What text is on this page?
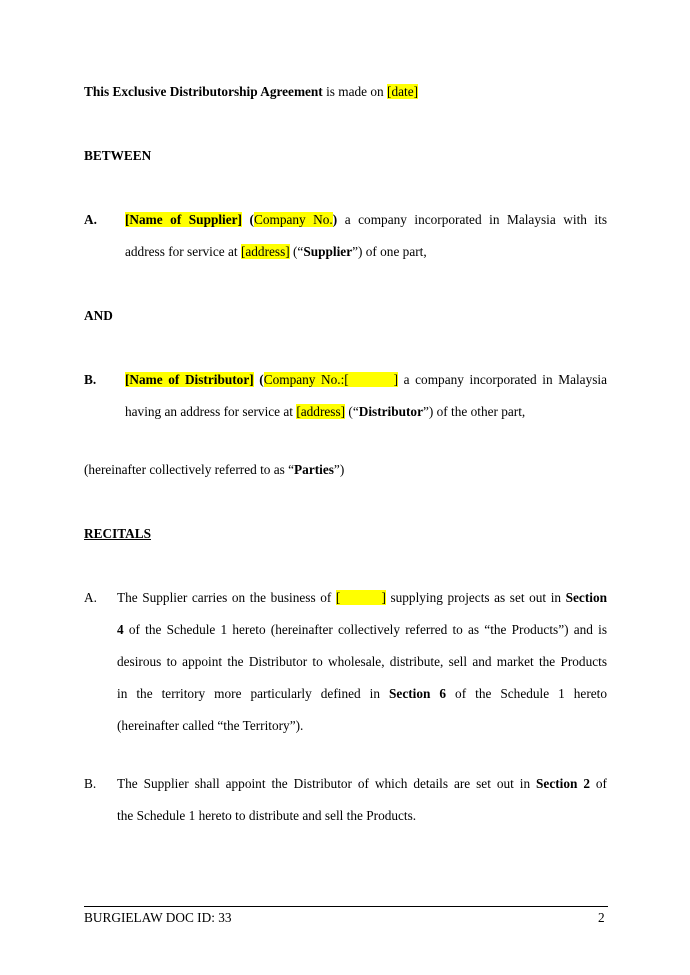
This Exclusive Distributorship Agreement is made on [date]
BETWEEN
A. [Name of Supplier] (Company No.) a company incorporated in Malaysia with its
address for service at [address] (“Supplier”) of one part,
AND
B. [Name of Distributor] (Company No.:[        ] a company incorporated in Malaysia
having an address for service at [address] (“Distributor”) of the other part,
(hereinafter collectively referred to as “Parties”)
RECITALS
A. The Supplier carries on the business of [         ] supplying projects as set out in Section
4 of the Schedule 1 hereto (hereinafter collectively referred to as “the Products”) and is
desirous to appoint the Distributor to wholesale, distribute, sell and market the Products
in the territory more particularly defined in Section 6 of the Schedule 1 hereto
(hereinafter called “the Territory”).
B. The Supplier shall appoint the Distributor of which details are set out in Section 2 of
the Schedule 1 hereto to distribute and sell the Products.
BURGIELAW DOC ID: 33	2
